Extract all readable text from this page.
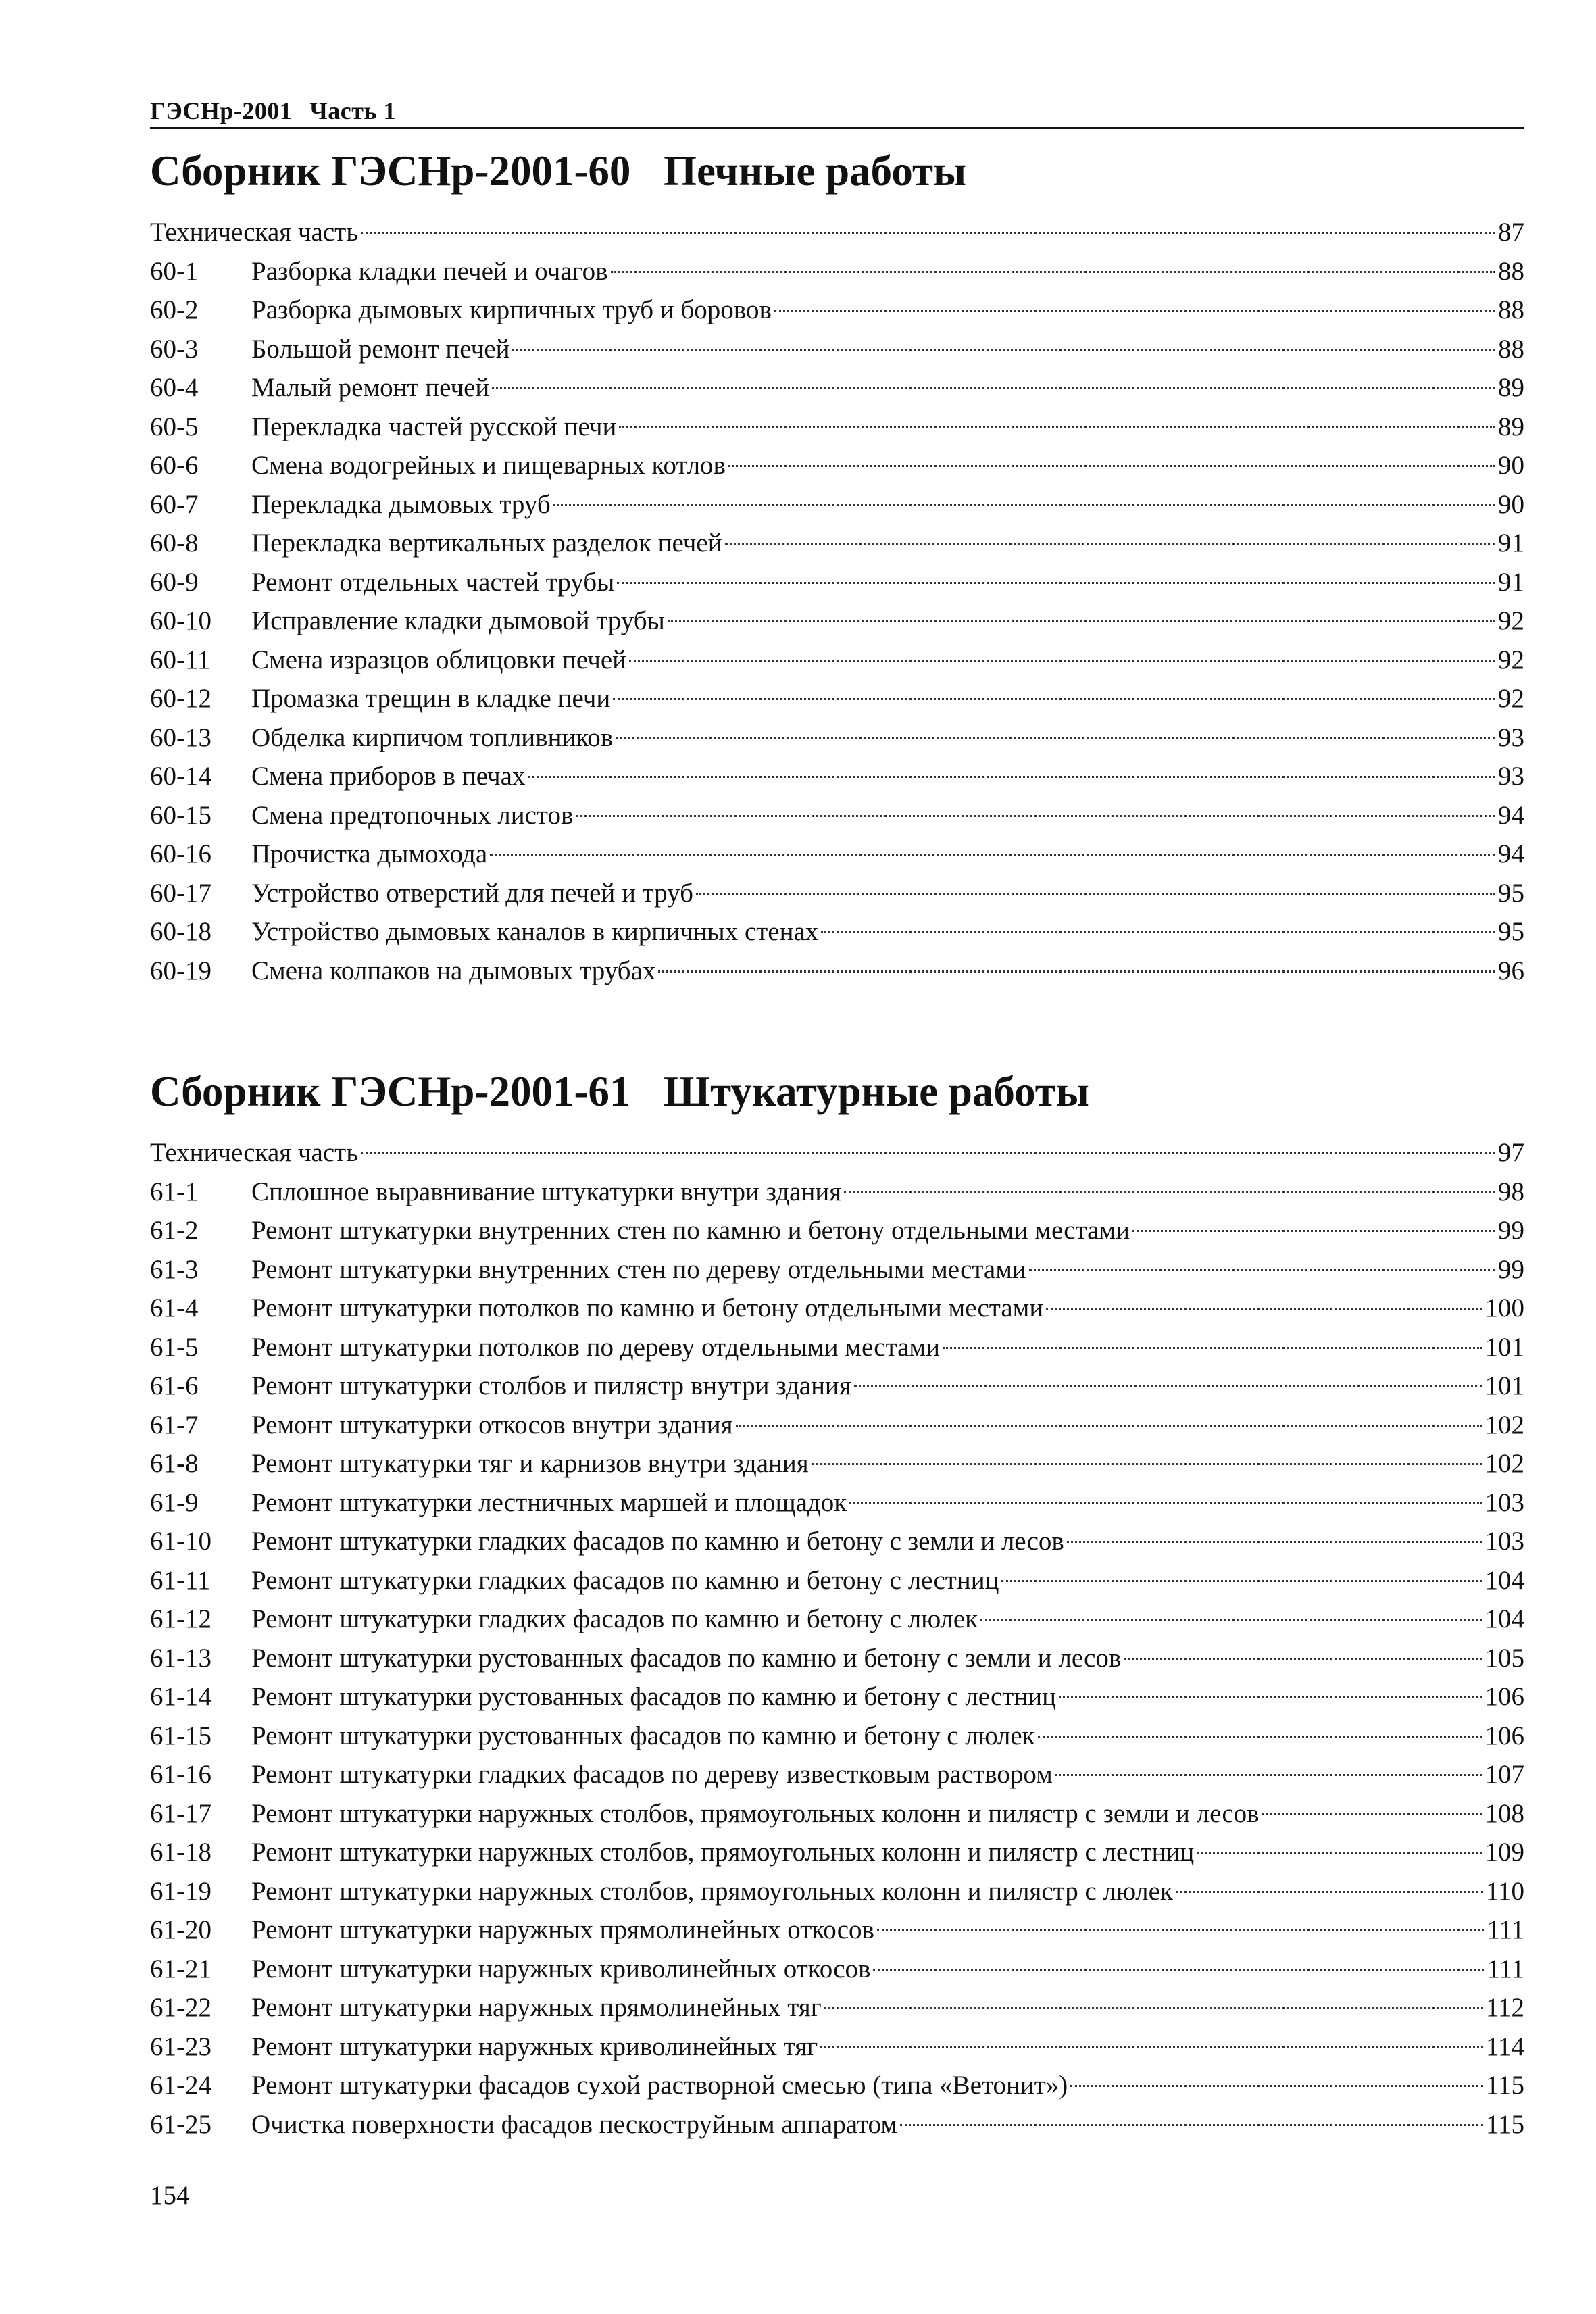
ГЭСНр-2001 Часть 1
Сборник ГЭСНр-2001-60 Печные работы
Техническая часть	87
60-1	Разборка кладки печей и очагов	88
60-2	Разборка дымовых кирпичных труб и боровов	88
60-3	Большой ремонт печей	88
60-4	Малый ремонт печей	89
60-5	Перекладка частей русской печи	89
60-6	Смена водогрейных и пищеварных котлов	90
60-7	Перекладка дымовых труб	90
60-8	Перекладка вертикальных разделок печей	91
60-9	Ремонт отдельных частей трубы	91
60-10	Исправление кладки дымовой трубы	92
60-11	Смена изразцов облицовки печей	92
60-12	Промазка трещин в кладке печи	92
60-13	Обделка кирпичом топливников	93
60-14	Смена приборов в печах	93
60-15	Смена предтопочных листов	94
60-16	Прочистка дымохода	94
60-17	Устройство отверстий для печей и труб	95
60-18	Устройство дымовых каналов в кирпичных стенах	95
60-19	Смена колпаков на дымовых трубах	96
Сборник ГЭСНр-2001-61 Штукатурные работы
Техническая часть	97
61-1	Сплошное выравнивание штукатурки внутри здания	98
61-2	Ремонт штукатурки внутренних стен по камню и бетону отдельными местами	99
61-3	Ремонт штукатурки внутренних стен по дереву отдельными местами	99
61-4	Ремонт штукатурки потолков по камню и бетону отдельными местами	100
61-5	Ремонт штукатурки потолков по дереву отдельными местами	101
61-6	Ремонт штукатурки столбов и пилястр внутри здания	101
61-7	Ремонт штукатурки откосов внутри здания	102
61-8	Ремонт штукатурки тяг и карнизов внутри здания	102
61-9	Ремонт штукатурки лестничных маршей и площадок	103
61-10	Ремонт штукатурки гладких фасадов по камню и бетону с земли и лесов	103
61-11	Ремонт штукатурки гладких фасадов по камню и бетону с лестниц	104
61-12	Ремонт штукатурки гладких фасадов по камню и бетону с люлек	104
61-13	Ремонт штукатурки рустованных фасадов по камню и бетону с земли и лесов	105
61-14	Ремонт штукатурки рустованных фасадов по камню и бетону с лестниц	106
61-15	Ремонт штукатурки рустованных фасадов по камню и бетону с люлек	106
61-16	Ремонт штукатурки гладких фасадов по дереву известковым раствором	107
61-17	Ремонт штукатурки наружных столбов, прямоугольных колонн и пилястр с земли и лесов	108
61-18	Ремонт штукатурки наружных столбов, прямоугольных колонн и пилястр с лестниц	109
61-19	Ремонт штукатурки наружных столбов, прямоугольных колонн и пилястр с люлек	110
61-20	Ремонт штукатурки наружных прямолинейных откосов	111
61-21	Ремонт штукатурки наружных криволинейных откосов	111
61-22	Ремонт штукатурки наружных прямолинейных тяг	112
61-23	Ремонт штукатурки наружных криволинейных тяг	114
61-24	Ремонт штукатурки фасадов сухой растворной смесью (типа «Ветонит»)	115
61-25	Очистка поверхности фасадов пескоструйным аппаратом	115
154
